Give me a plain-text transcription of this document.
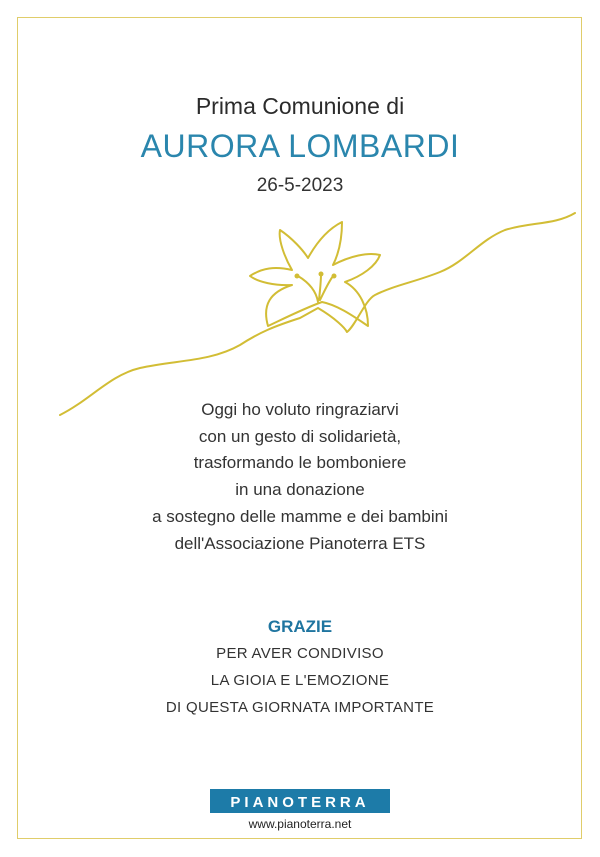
Prima Comunione di
AURORA LOMBARDI
26-5-2023
Oggi ho voluto ringraziarvi
con un gesto di solidarietà,
trasformando le bomboniere
in una donazione
a sostegno delle mamme e dei bambini
dell'Associazione Pianoterra ETS
GRAZIE
PER AVER CONDIVISO
LA GIOIA E L'EMOZIONE
DI QUESTA GIORNATA IMPORTANTE
PIANOTERRA
www.pianoterra.net
